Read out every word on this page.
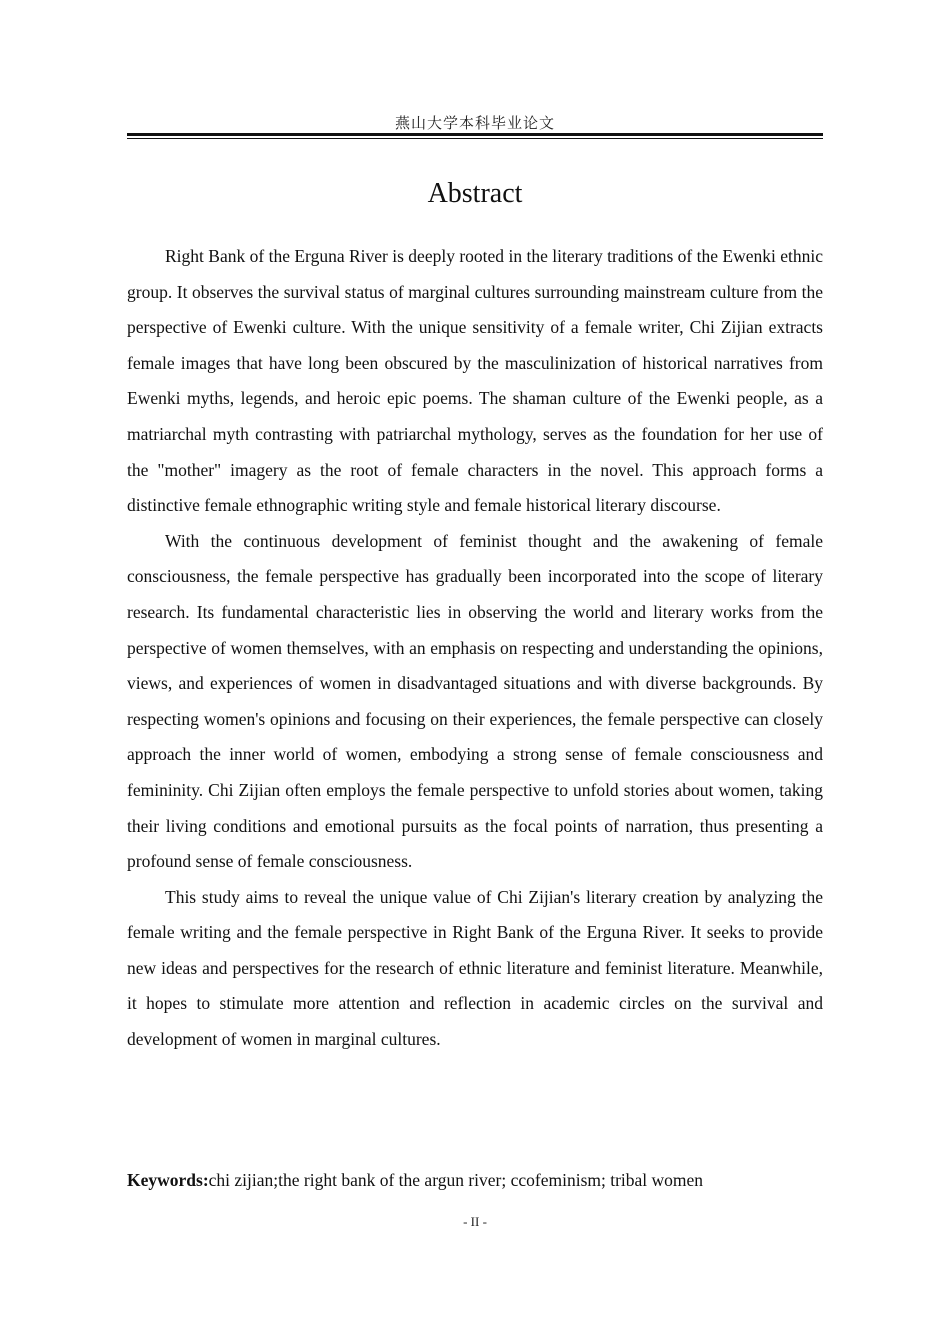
燕山大学本科毕业论文
Abstract

Right Bank of the Erguna River is deeply rooted in the literary traditions of the Ewenki ethnic group. It observes the survival status of marginal cultures surrounding mainstream culture from the perspective of Ewenki culture. With the unique sensitivity of a female writer, Chi Zijian extracts female images that have long been obscured by the masculinization of historical narratives from Ewenki myths, legends, and heroic epic poems. The shaman culture of the Ewenki people, as a matriarchal myth contrasting with patriarchal mythology, serves as the foundation for her use of the "mother" imagery as the root of female characters in the novel. This approach forms a distinctive female ethnographic writing style and female historical literary discourse.

With the continuous development of feminist thought and the awakening of female consciousness, the female perspective has gradually been incorporated into the scope of literary research. Its fundamental characteristic lies in observing the world and literary works from the perspective of women themselves, with an emphasis on respecting and understanding the opinions, views, and experiences of women in disadvantaged situations and with diverse backgrounds. By respecting women's opinions and focusing on their experiences, the female perspective can closely approach the inner world of women, embodying a strong sense of female consciousness and femininity. Chi Zijian often employs the female perspective to unfold stories about women, taking their living conditions and emotional pursuits as the focal points of narration, thus presenting a profound sense of female consciousness.

This study aims to reveal the unique value of Chi Zijian's literary creation by analyzing the female writing and the female perspective in Right Bank of the Erguna River. It seeks to provide new ideas and perspectives for the research of ethnic literature and feminist literature. Meanwhile, it hopes to stimulate more attention and reflection in academic circles on the survival and development of women in marginal cultures.

Keywords:chi zijian;the right bank of the argun river; ccofeminism; tribal women
- II -
